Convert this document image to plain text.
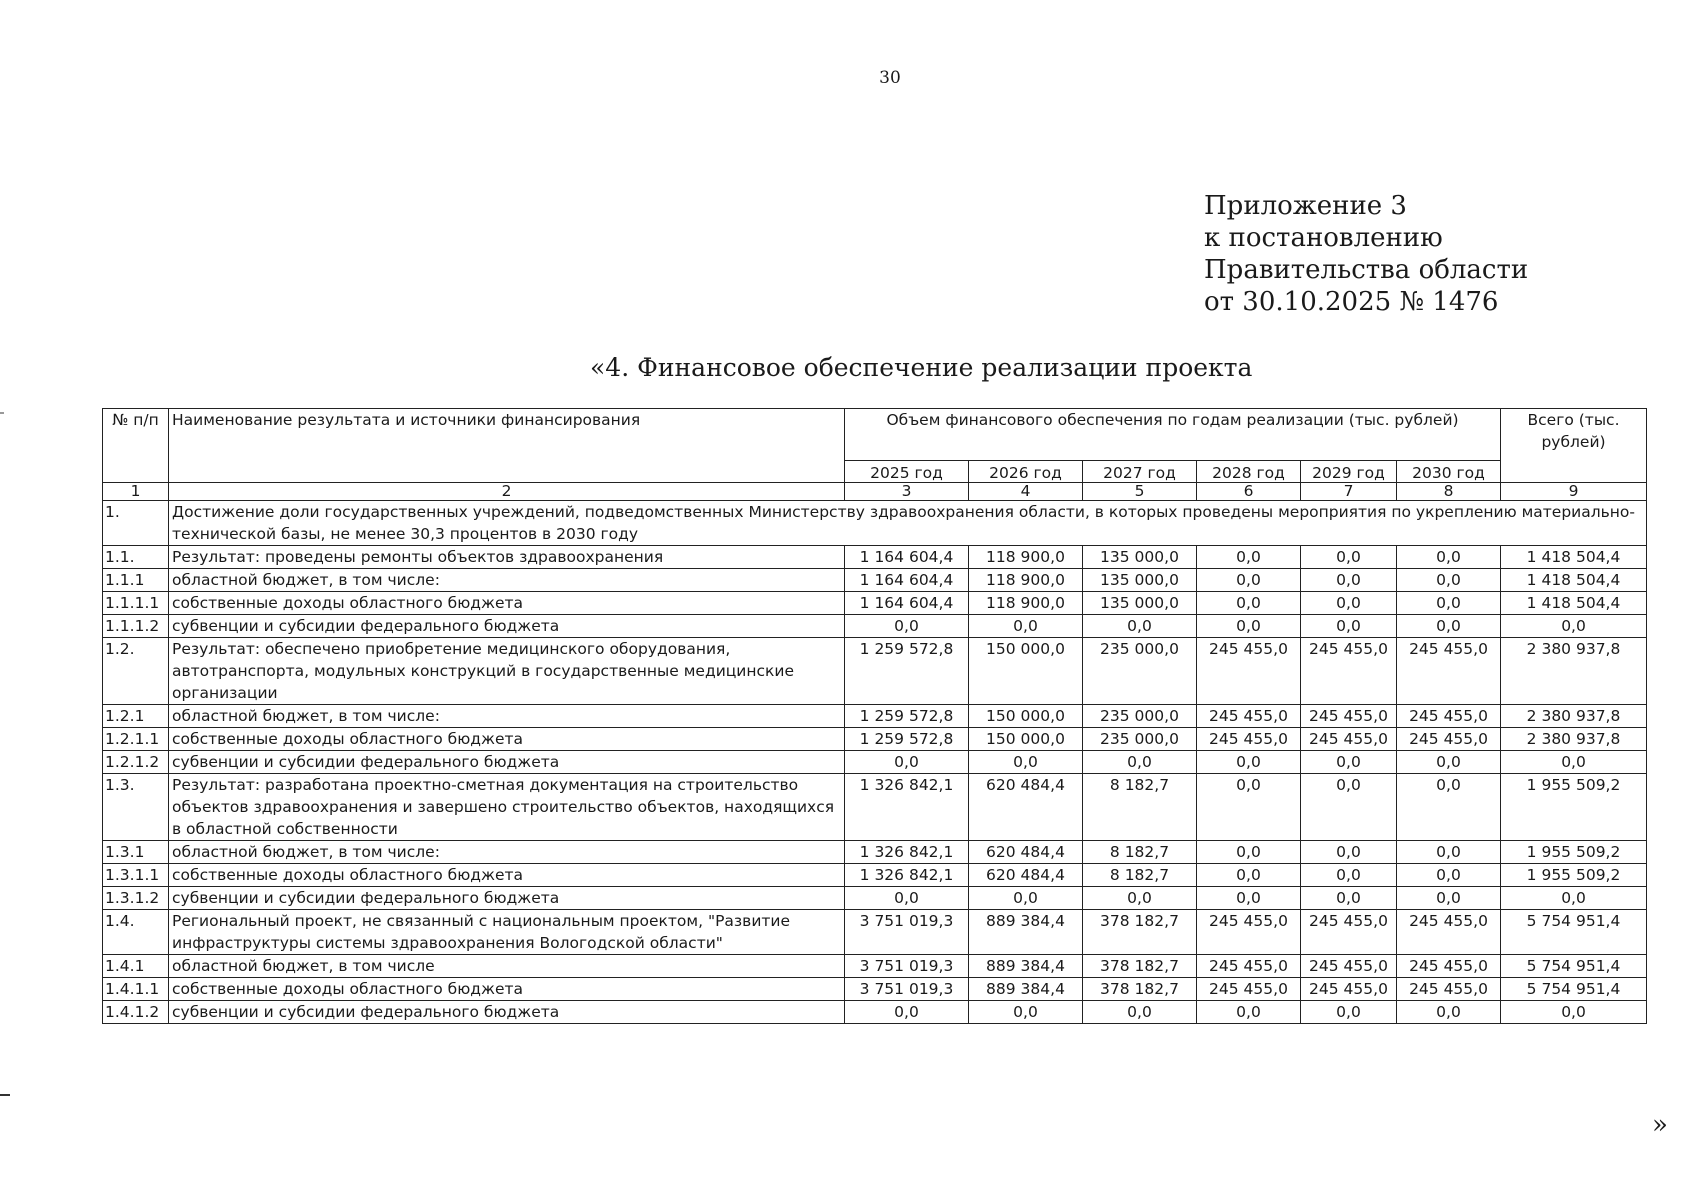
30
Приложение 3
к постановлению
Правительства области
от 30.10.2025 № 1476
«4. Финансовое обеспечение реализации проекта
№ п/п	Наименование результата и источники финансирования	Объем финансового обеспечения по годам реализации (тыс. рублей)						Всего (тыс. рублей)
		2025 год	2026 год	2027 год	2028 год	2029 год	2030 год	
1	2	3	4	5	6	7	8	9
1.	Достижение доли государственных учреждений, подведомственных Министерству здравоохранения области, в которых проведены мероприятия по укреплению материально-технической базы, не менее 30,3 процентов в 2030 году							
1.1.	Результат: проведены ремонты объектов здравоохранения	1 164 604,4	118 900,0	135 000,0	0,0	0,0	0,0	1 418 504,4
1.1.1	областной бюджет, в том числе:	1 164 604,4	118 900,0	135 000,0	0,0	0,0	0,0	1 418 504,4
1.1.1.1	собственные доходы областного бюджета	1 164 604,4	118 900,0	135 000,0	0,0	0,0	0,0	1 418 504,4
1.1.1.2	субвенции и субсидии федерального бюджета	0,0	0,0	0,0	0,0	0,0	0,0	0,0
1.2.	Результат: обеспечено приобретение медицинского оборудования, автотранспорта, модульных конструкций в государственные медицинские организации	1 259 572,8	150 000,0	235 000,0	245 455,0	245 455,0	245 455,0	2 380 937,8
1.2.1	областной бюджет, в том числе:	1 259 572,8	150 000,0	235 000,0	245 455,0	245 455,0	245 455,0	2 380 937,8
1.2.1.1	собственные доходы областного бюджета	1 259 572,8	150 000,0	235 000,0	245 455,0	245 455,0	245 455,0	2 380 937,8
1.2.1.2	субвенции и субсидии федерального бюджета	0,0	0,0	0,0	0,0	0,0	0,0	0,0
1.3.	Результат: разработана проектно-сметная документация на строительство объектов здравоохранения и завершено строительство объектов, находящихся в областной собственности	1 326 842,1	620 484,4	8 182,7	0,0	0,0	0,0	1 955 509,2
1.3.1	областной бюджет, в том числе:	1 326 842,1	620 484,4	8 182,7	0,0	0,0	0,0	1 955 509,2
1.3.1.1	собственные доходы областного бюджета	1 326 842,1	620 484,4	8 182,7	0,0	0,0	0,0	1 955 509,2
1.3.1.2	субвенции и субсидии федерального бюджета	0,0	0,0	0,0	0,0	0,0	0,0	0,0
1.4.	Региональный проект, не связанный с национальным проектом, "Развитие инфраструктуры системы здравоохранения Вологодской области"	3 751 019,3	889 384,4	378 182,7	245 455,0	245 455,0	245 455,0	5 754 951,4
1.4.1	областной бюджет, в том числе	3 751 019,3	889 384,4	378 182,7	245 455,0	245 455,0	245 455,0	5 754 951,4
1.4.1.1	собственные доходы областного бюджета	3 751 019,3	889 384,4	378 182,7	245 455,0	245 455,0	245 455,0	5 754 951,4
1.4.1.2	субвенции и субсидии федерального бюджета	0,0	0,0	0,0	0,0	0,0	0,0	0,0
»
